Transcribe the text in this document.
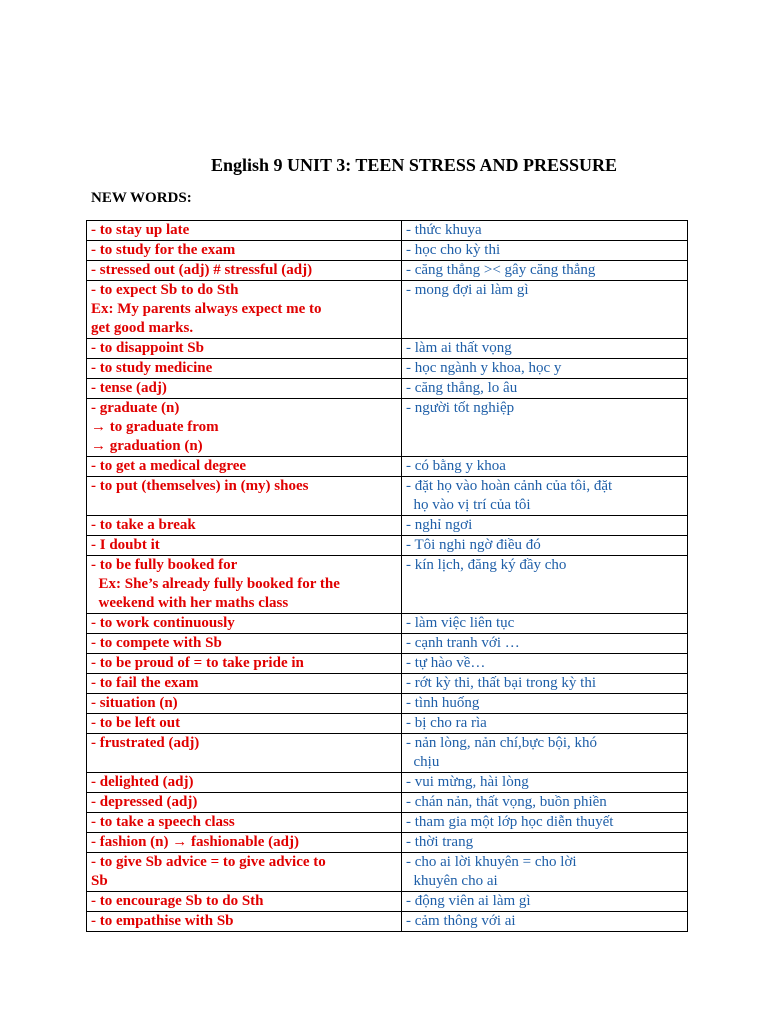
English 9 UNIT 3: TEEN STRESS AND PRESSURE
NEW WORDS:
- to stay up late	- thức khuya

- to study for the exam	- học cho kỳ thi

- stressed out (adj) # stressful (adj)	- căng thẳng >< gây căng thẳng

- to expect Sb to do Sth
Ex: My parents always expect me to
get good marks.	- mong đợi ai làm gì

- to disappoint Sb	- làm ai thất vọng

- to study medicine	- học ngành y khoa, học y

- tense (adj)	- căng thẳng, lo âu

- graduate (n)
→ to graduate from
→ graduation (n)	- người tốt nghiệp

- to get a medical degree	- có bằng y khoa

- to put (themselves) in (my) shoes	- đặt họ vào hoàn cảnh của tôi, đặt
họ vào vị trí của tôi

- to take a break	- nghỉ ngơi

- I doubt it	- Tôi nghi ngờ điều đó

- to be fully booked for
Ex: She’s already fully booked for the
weekend with her maths class	- kín lịch, đăng ký đầy cho

- to work continuously	- làm việc liên tục

- to compete with Sb	- cạnh tranh với …

- to be proud of = to take pride in	- tự hào về…

- to fail the exam	- rớt kỳ thi, thất bại trong kỳ thi

- situation (n)	- tình huống

- to be left out	- bị cho ra rìa

- frustrated (adj)	- nản lòng, nản chí,bực bội, khó
chịu

- delighted (adj)	- vui mừng, hài lòng

- depressed (adj)	- chán nản, thất vọng, buồn phiền

- to take a speech class	- tham gia một lớp học diễn thuyết

- fashion (n) → fashionable (adj)	- thời trang

- to give Sb advice = to give advice to
Sb	- cho ai lời khuyên = cho lời
khuyên cho ai

- to encourage Sb to do Sth	- động viên ai làm gì

- to empathise with Sb	- cảm thông với ai
